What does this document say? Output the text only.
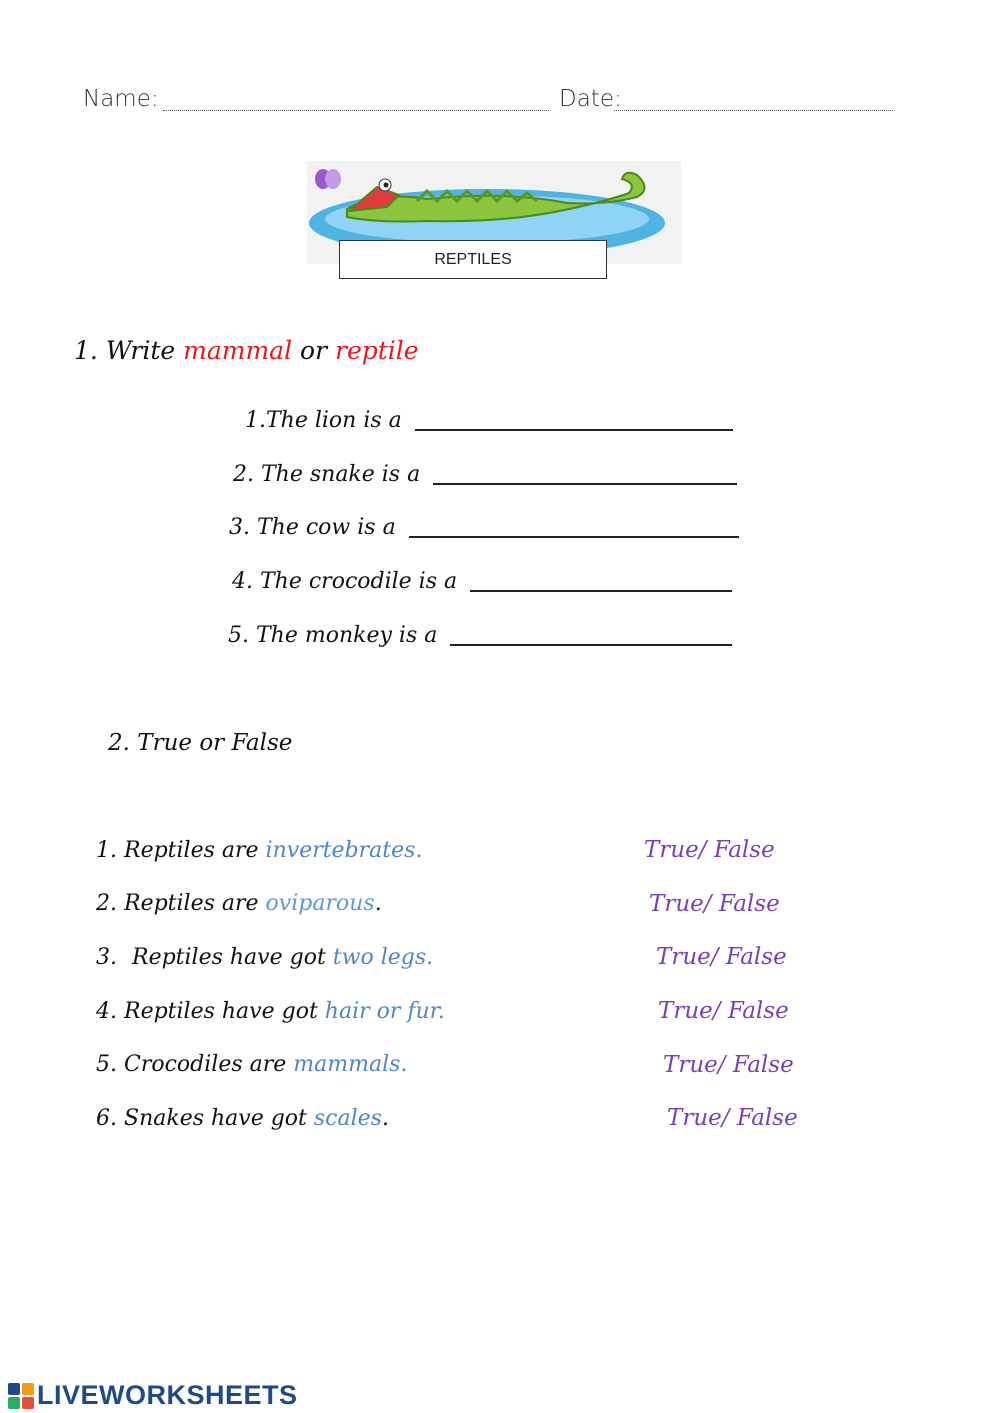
Name:	Date:
REPTILES
1. Write mammal or reptile
1.The lion is a
2. The snake is a
3. The cow is a
4. The crocodile is a
5. The monkey is a
2. True or False
1. Reptiles are invertebrates.	True/ False
2. Reptiles are oviparous.	True/ False
3. Reptiles have got two legs.	True/ False
4. Reptiles have got hair or fur.	True/ False
5. Crocodiles are mammals.	True/ False
6. Snakes have got scales.	True/ False
LIVEWORKSHEETS
